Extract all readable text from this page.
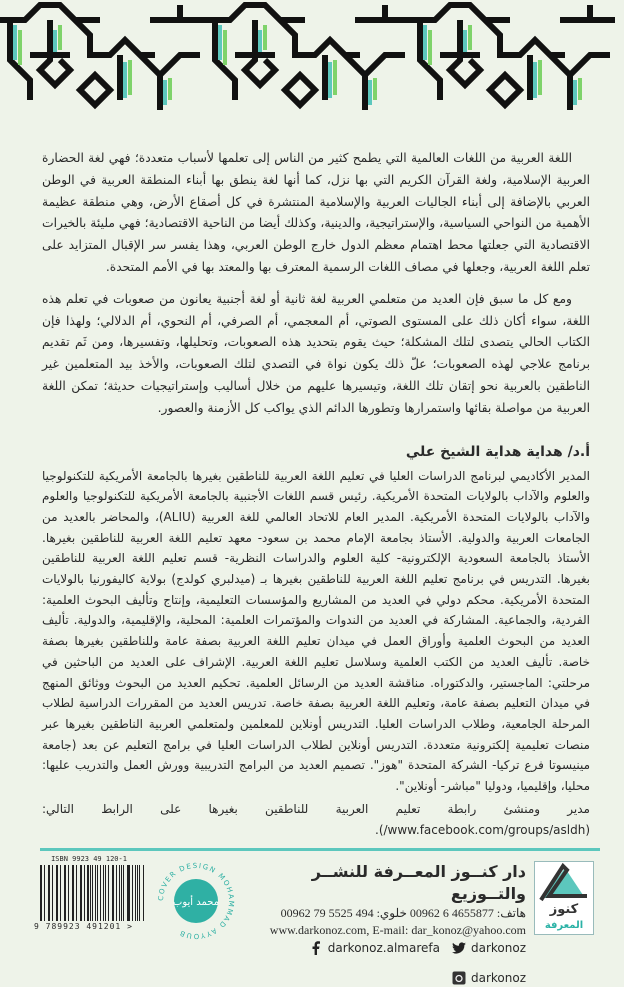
اللغة العربية من اللغات العالمية التي يطمح كثير من الناس إلى تعلمها لأسباب متعددة؛ فهي لغة الحضارة العربية الإسلامية، ولغة القرآن الكريم التي بها نزل، كما أنها لغة ينطق بها أبناء المنطقة العربية في الوطن العربي بالإضافة إلى أبناء الجاليات العربية والإسلامية المنتشرة في كل أصقاع الأرض، وهي منطقة عظيمة الأهمية من النواحي السياسية، والإستراتيجية، والدينية، وكذلك أيضا من الناحية الاقتصادية؛ فهي مليئة بالخيرات الاقتصادية التي جعلتها محط اهتمام معظم الدول خارج الوطن العربي، وهذا يفسر سر الإقبال المتزايد على تعلم اللغة العربية، وجعلها في مصاف اللغات الرسمية المعترف بها والمعتد بها في الأمم المتحدة.

ومع كل ما سبق فإن العديد من متعلمي العربية لغة ثانية أو لغة أجنبية يعانون من صعوبات في تعلم هذه اللغة، سواء أكان ذلك على المستوى الصوتي، أم المعجمي، أم الصرفي، أم النحوي، أم الدلالي؛ ولهذا فإن الكتاب الحالي يتصدى لتلك المشكلة؛ حيث يقوم بتحديد هذه الصعوبات، وتحليلها، وتفسيرها، ومن ثَم تقديم برنامج علاجي لهذه الصعوبات؛ علّ ذلك يكون نواة في التصدي لتلك الصعوبات، والأخذ بيد المتعلمين غير الناطقين بالعربية نحو إتقان تلك اللغة، وتيسيرها عليهم من خلال أساليب وإستراتيجيات حديثة؛ تمكن اللغة العربية من مواصلة بقائها واستمرارها وتطورها الدائم الذي يواكب كل الأزمنة والعصور.

أ.د/ هداية هداية الشيخ علي

المدير الأكاديمي لبرنامج الدراسات العليا في تعليم اللغة العربية للناطقين بغيرها بالجامعة الأمريكية للتكنولوجيا والعلوم والآداب بالولايات المتحدة الأمريكية. رئيس قسم اللغات الأجنبية بالجامعة الأمريكية للتكنولوجيا والعلوم والآداب بالولايات المتحدة الأمريكية. المدير العام للاتحاد العالمي للغة العربية (ALIU)، والمحاضر بالعديد من الجامعات العربية والدولية. الأستاذ بجامعة الإمام محمد بن سعود- معهد تعليم اللغة العربية للناطقين بغيرها. الأستاذ بالجامعة السعودية الإلكترونية- كلية العلوم والدراسات النظرية- قسم تعليم اللغة العربية للناطقين بغيرها. التدريس في برنامج تعليم اللغة العربية للناطقين بغيرها بـ (ميدلبري كولدج) بولاية كاليفورنيا بالولايات المتحدة الأمريكية. محكم دولي في العديد من المشاريع والمؤسسات التعليمية، وإنتاج وتأليف البحوث العلمية: الفردية، والجماعية. المشاركة في العديد من الندوات والمؤتمرات العلمية: المحلية، والإقليمية، والدولية. تأليف العديد من البحوث العلمية وأوراق العمل في ميدان تعليم اللغة العربية بصفة عامة وللناطقين بغيرها بصفة خاصة. تأليف العديد من الكتب العلمية وسلاسل تعليم اللغة العربية. الإشراف على العديد من الباحثين في مرحلتي: الماجستير، والدكتوراه. مناقشة العديد من الرسائل العلمية. تحكيم العديد من البحوث ووثائق المنهج في ميدان التعليم بصفة عامة، وتعليم اللغة العربية بصفة خاصة. تدريس العديد من المقررات الدراسية لطلاب المرحلة الجامعية، وطلاب الدراسات العليا. التدريس أونلاين للمعلمين ولمتعلمي العربية الناطقين بغيرها عبر منصات تعليمية إلكترونية متعددة. التدريس أونلاين لطلاب الدراسات العليا في برامج التعليم عن بعد (جامعة مينيسوتا فرع تركيا- الشركة المتحدة "هوز". تصميم العديد من البرامج التدريبية وورش العمل والتدريب عليها: محليا، وإقليميا، ودوليا "مباشر- أونلاين".

مدير ومنشئ رابطة تعليم العربية للناطقين بغيرها على الرابط التالي:(www.facebook.com/groups/asldh/).

كنوز
المعرفة
دار كنــوز المعــرفة للنشــر والتــوزيع
هاتف: 4655877 6 00962 خلوي: 494 5525 79 00962
www.darkonoz.com, E-mail: dar_konoz@yahoo.com
darkonoz.almarefa	darkonoz
darkonoz
COVER DESIGN MOHAMMAD AYYOUB
محمد أيوب
ISBN 9923 49 120-1
9 789923 491201 >
